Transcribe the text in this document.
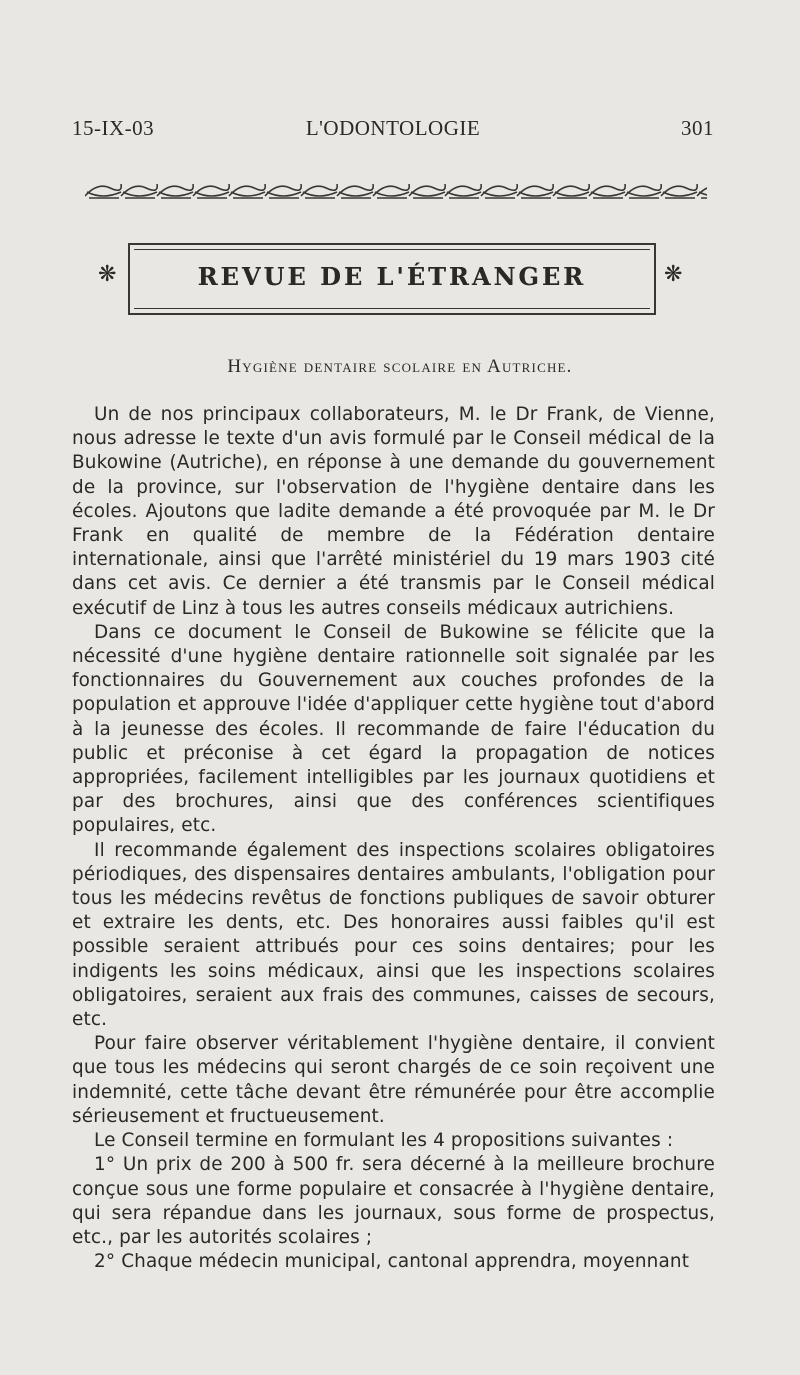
15-IX-03	L'ODONTOLOGIE	301
❋	❋
REVUE DE L'ÉTRANGER
Hygiène dentaire scolaire en Autriche.

Un de nos principaux collaborateurs, M. le Dr Frank, de Vienne, nous adresse le texte d'un avis formulé par le Conseil médical de la Bukowine (Autriche), en réponse à une demande du gouvernement de la province, sur l'observation de l'hygiène dentaire dans les écoles. Ajoutons que ladite demande a été provoquée par M. le Dr Frank en qualité de membre de la Fédération dentaire internationale, ainsi que l'arrêté ministériel du 19 mars 1903 cité dans cet avis. Ce dernier a été transmis par le Conseil médical exécutif de Linz à tous les autres conseils médicaux autrichiens.

Dans ce document le Conseil de Bukowine se félicite que la nécessité d'une hygiène dentaire rationnelle soit signalée par les fonctionnaires du Gouvernement aux couches profondes de la population et approuve l'idée d'appliquer cette hygiène tout d'abord à la jeunesse des écoles. Il recommande de faire l'éducation du public et préconise à cet égard la propagation de notices appropriées, facilement intelligibles par les journaux quotidiens et par des brochures, ainsi que des conférences scientifiques populaires, etc.

Il recommande également des inspections scolaires obligatoires périodiques, des dispensaires dentaires ambulants, l'obligation pour tous les médecins revêtus de fonctions publiques de savoir obturer et extraire les dents, etc. Des honoraires aussi faibles qu'il est possible seraient attribués pour ces soins dentaires; pour les indigents les soins médicaux, ainsi que les inspections scolaires obligatoires, seraient aux frais des communes, caisses de secours, etc.

Pour faire observer véritablement l'hygiène dentaire, il convient que tous les médecins qui seront chargés de ce soin reçoivent une indemnité, cette tâche devant être rémunérée pour être accomplie sérieusement et fructueusement.

Le Conseil termine en formulant les 4 propositions suivantes :

1° Un prix de 200 à 500 fr. sera décerné à la meilleure brochure conçue sous une forme populaire et consacrée à l'hygiène dentaire, qui sera répandue dans les journaux, sous forme de prospectus, etc., par les autorités scolaires ;

2° Chaque médecin municipal, cantonal apprendra, moyennant
